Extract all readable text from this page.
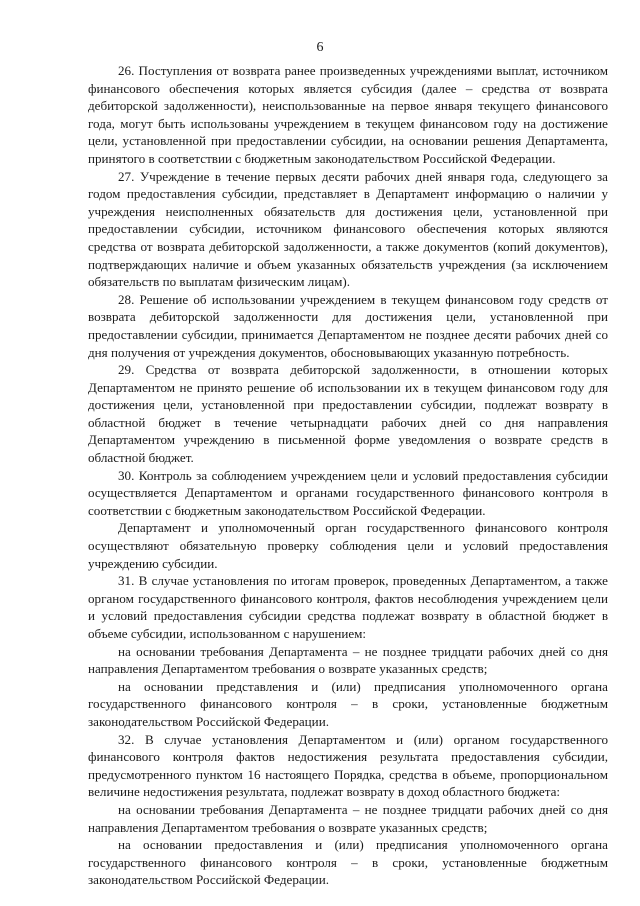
6

26. Поступления от возврата ранее произведенных учреждениями выплат, источником финансового обеспечения которых является субсидия (далее – средства от возврата дебиторской задолженности), неиспользованные на первое января текущего финансового года, могут быть использованы учреждением в текущем финансовом году на достижение цели, установленной при предоставлении субсидии, на основании решения Департамента, принятого в соответствии с бюджетным законодательством Российской Федерации.

27. Учреждение в течение первых десяти рабочих дней января года, следующего за годом предоставления субсидии, представляет в Департамент информацию о наличии у учреждения неисполненных обязательств для достижения цели, установленной при предоставлении субсидии, источником финансового обеспечения которых являются средства от возврата дебиторской задолженности, а также документов (копий документов), подтверждающих наличие и объем указанных обязательств учреждения (за исключением обязательств по выплатам физическим лицам).

28. Решение об использовании учреждением в текущем финансовом году средств от возврата дебиторской задолженности для достижения цели, установленной при предоставлении субсидии, принимается Департаментом не позднее десяти рабочих дней со дня получения от учреждения документов, обосновывающих указанную потребность.

29. Средства от возврата дебиторской задолженности, в отношении которых Департаментом не принято решение об использовании их в текущем финансовом году для достижения цели, установленной при предоставлении субсидии, подлежат возврату в областной бюджет в течение четырнадцати рабочих дней со дня направления Департаментом учреждению в письменной форме уведомления о возврате средств в областной бюджет.

30. Контроль за соблюдением учреждением цели и условий предоставления субсидии осуществляется Департаментом и органами государственного финансового контроля в соответствии с бюджетным законодательством Российской Федерации.

Департамент и уполномоченный орган государственного финансового контроля осуществляют обязательную проверку соблюдения цели и условий предоставления учреждению субсидии.

31. В случае установления по итогам проверок, проведенных Департаментом, а также органом государственного финансового контроля, фактов несоблюдения учреждением цели и условий предоставления субсидии средства подлежат возврату в областной бюджет в объеме субсидии, использованном с нарушением:

на основании требования Департамента – не позднее тридцати рабочих дней со дня направления Департаментом требования о возврате указанных средств;

на основании представления и (или) предписания уполномоченного органа государственного финансового контроля – в сроки, установленные бюджетным законодательством Российской Федерации.

32. В случае установления Департаментом и (или) органом государственного финансового контроля фактов недостижения результата предоставления субсидии, предусмотренного пунктом 16 настоящего Порядка, средства в объеме, пропорциональном величине недостижения результата, подлежат возврату в доход областного бюджета:

на основании требования Департамента – не позднее тридцати рабочих дней со дня направления Департаментом требования о возврате указанных средств;

на основании предоставления и (или) предписания уполномоченного органа государственного финансового контроля – в сроки, установленные бюджетным законодательством Российской Федерации.
